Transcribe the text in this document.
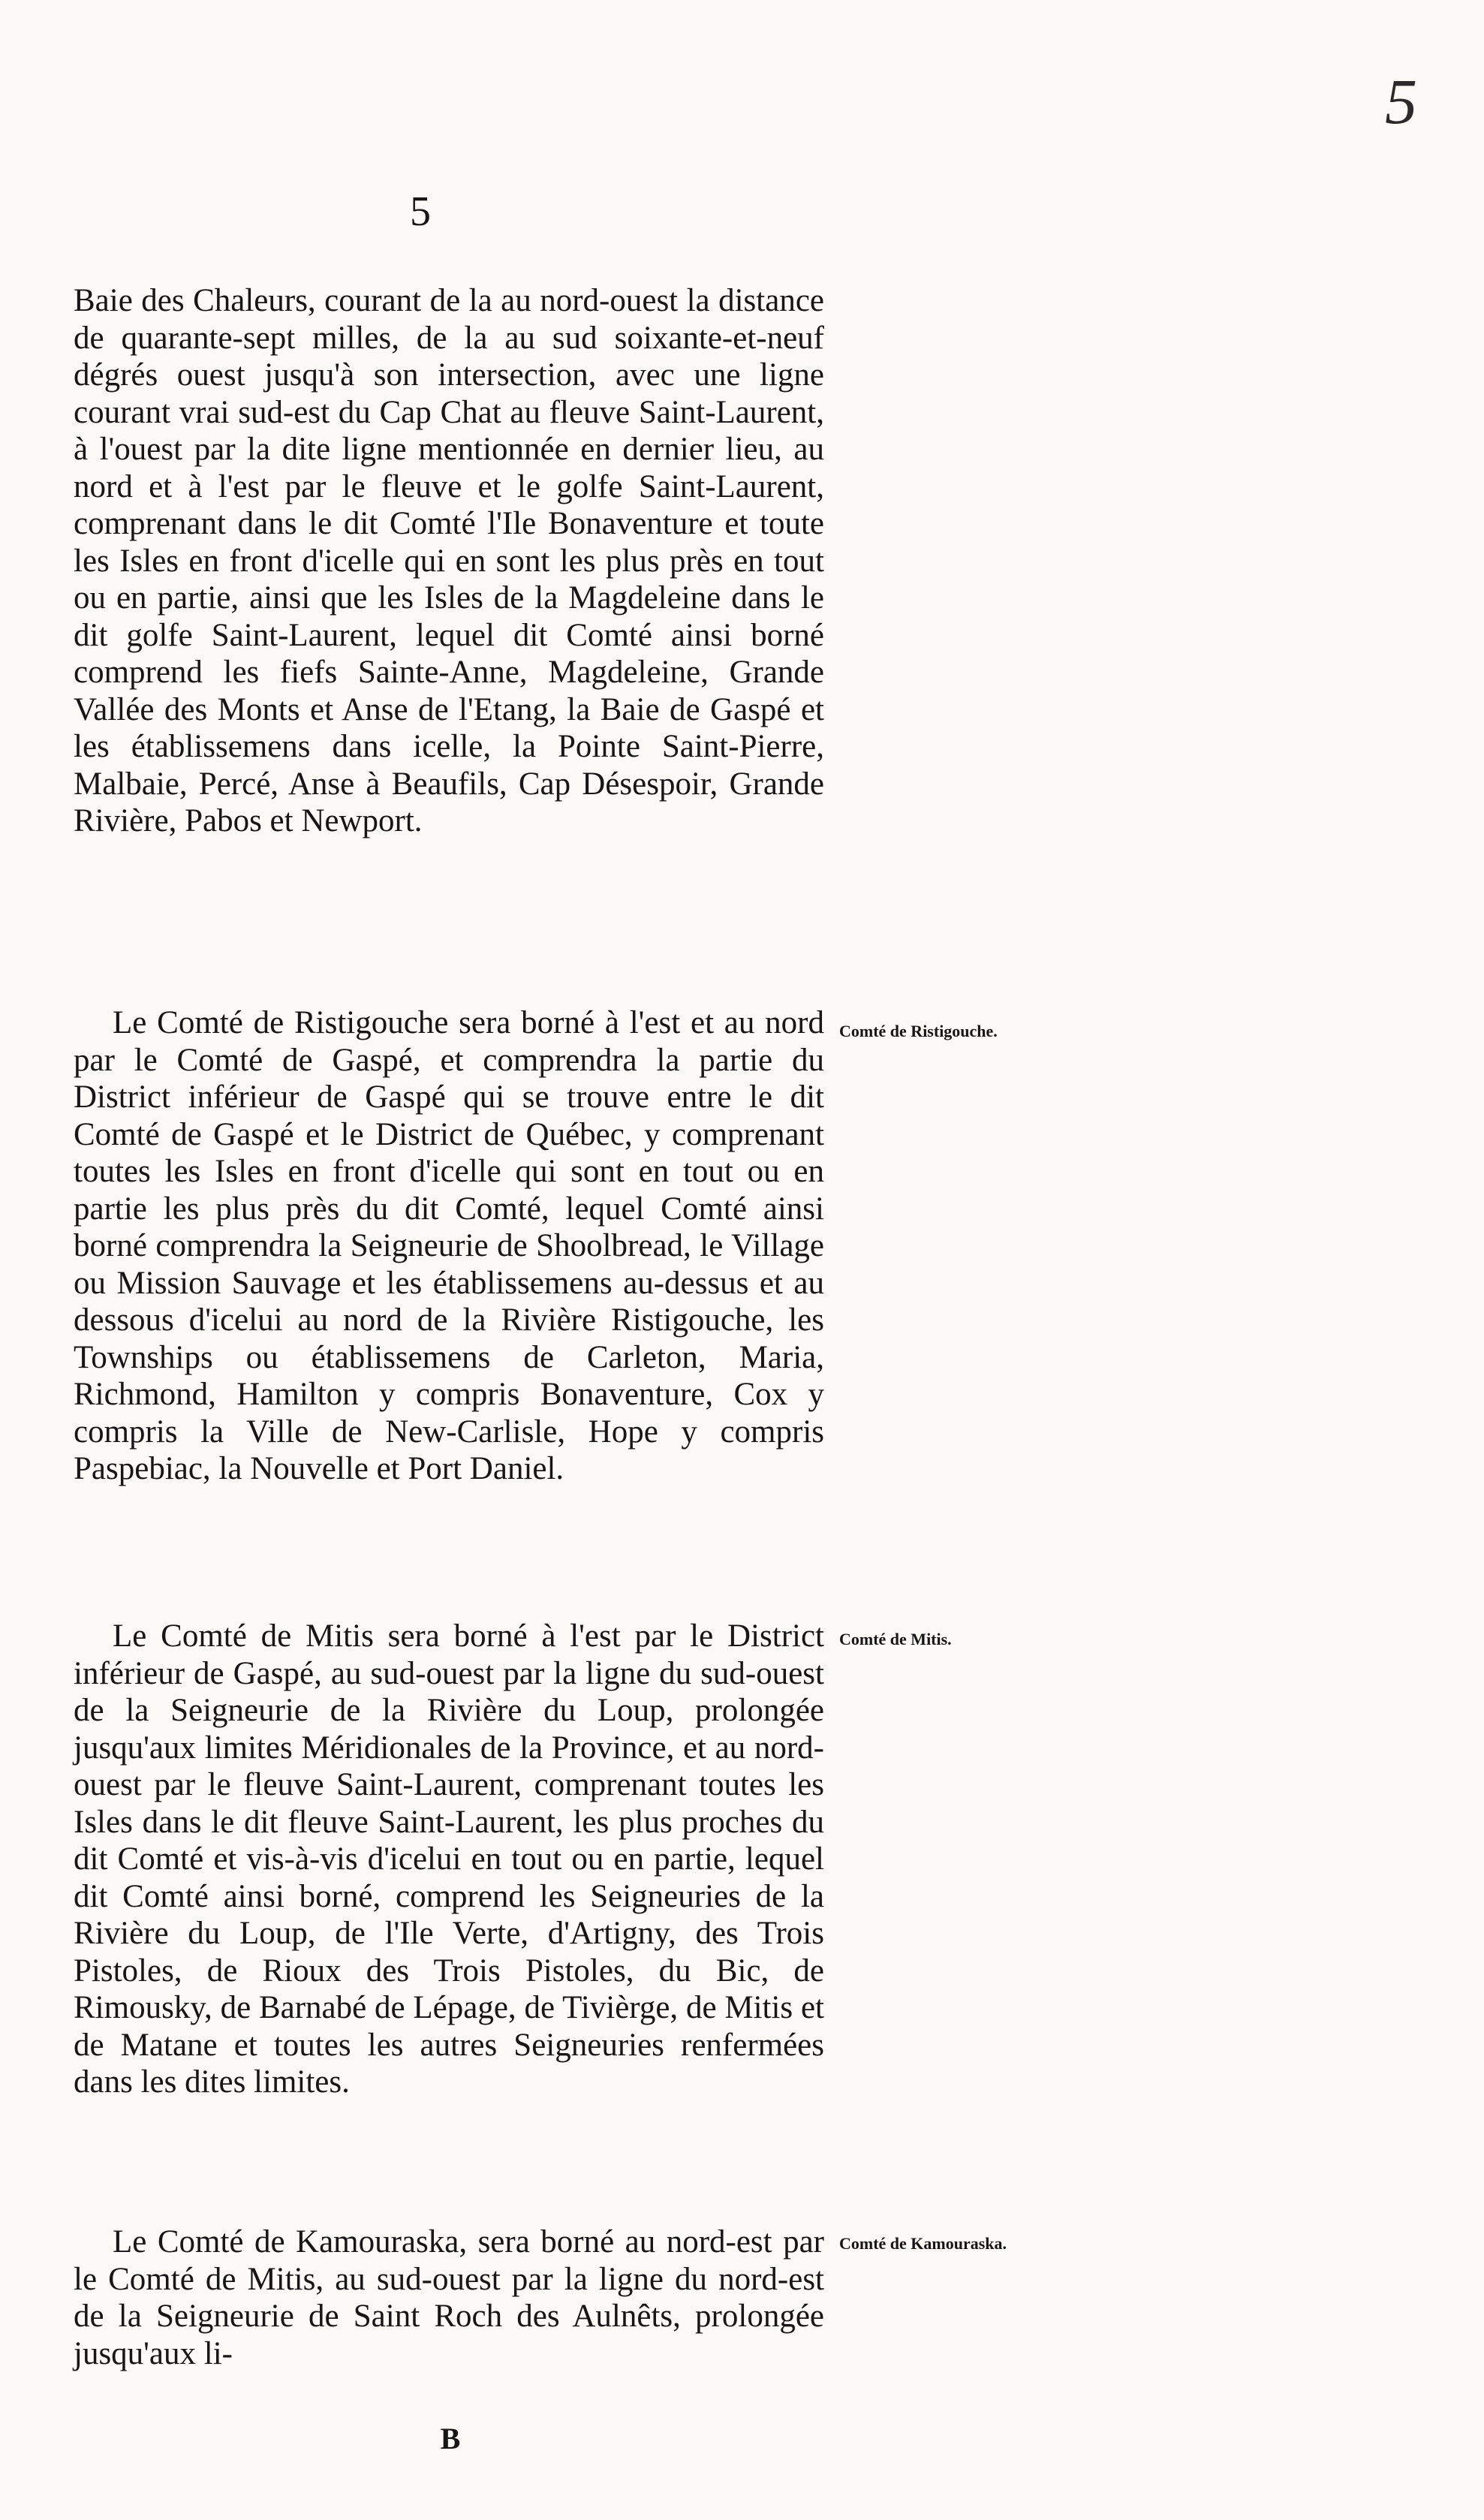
5
5

Baie des Chaleurs, courant de la au nord-ouest la distance de quarante-sept milles, de la au sud soixante-et-neuf dégrés ouest jusqu'à son intersection, avec une ligne courant vrai sud-est du Cap Chat au fleuve Saint-Laurent, à l'ouest par la dite ligne mentionnée en dernier lieu, au nord et à l'est par le fleuve et le golfe Saint-Laurent, comprenant dans le dit Comté l'Ile Bonaventure et toute les Isles en front d'icelle qui en sont les plus près en tout ou en partie, ainsi que les Isles de la Magdeleine dans le dit golfe Saint-Laurent, lequel dit Comté ainsi borné comprend les fiefs Sainte-Anne, Magdeleine, Grande Vallée des Monts et Anse de l'Etang, la Baie de Gaspé et les établissemens dans icelle, la Pointe Saint-Pierre, Malbaie, Percé, Anse à Beaufils, Cap Désespoir, Grande Rivière, Pabos et Newport.

Le Comté de Ristigouche sera borné à l'est et au nord par le Comté de Gaspé, et comprendra la partie du District inférieur de Gaspé qui se trouve entre le dit Comté de Gaspé et le District de Québec, y comprenant toutes les Isles en front d'icelle qui sont en tout ou en partie les plus près du dit Comté, lequel Comté ainsi borné comprendra la Seigneurie de Shoolbread, le Village ou Mission Sauvage et les établissemens au-dessus et au dessous d'icelui au nord de la Rivière Ristigouche, les Townships ou établissemens de Carleton, Maria, Richmond, Hamilton y compris Bonaventure, Cox y compris la Ville de New-Carlisle, Hope y compris Paspebiac, la Nouvelle et Port Daniel.

Comté de Ristigouche.

Le Comté de Mitis sera borné à l'est par le District inférieur de Gaspé, au sud-ouest par la ligne du sud-ouest de la Seigneurie de la Rivière du Loup, prolongée jusqu'aux limites Méridionales de la Province, et au nord-ouest par le fleuve Saint-Laurent, comprenant toutes les Isles dans le dit fleuve Saint-Laurent, les plus proches du dit Comté et vis-à-vis d'icelui en tout ou en partie, lequel dit Comté ainsi borné, comprend les Seigneuries de la Rivière du Loup, de l'Ile Verte, d'Artigny, des Trois Pistoles, de Rioux des Trois Pistoles, du Bic, de Rimousky, de Barnabé de Lépage, de Tivièrge, de Mitis et de Matane et toutes les autres Seigneuries renfermées dans les dites limites.

Comté de Mitis.

Le Comté de Kamouraska, sera borné au nord-est par le Comté de Mitis, au sud-ouest par la ligne du nord-est de la Seigneurie de Saint Roch des Aulnêts, prolongée jusqu'aux li-

Comté de Kamouraska.

B
